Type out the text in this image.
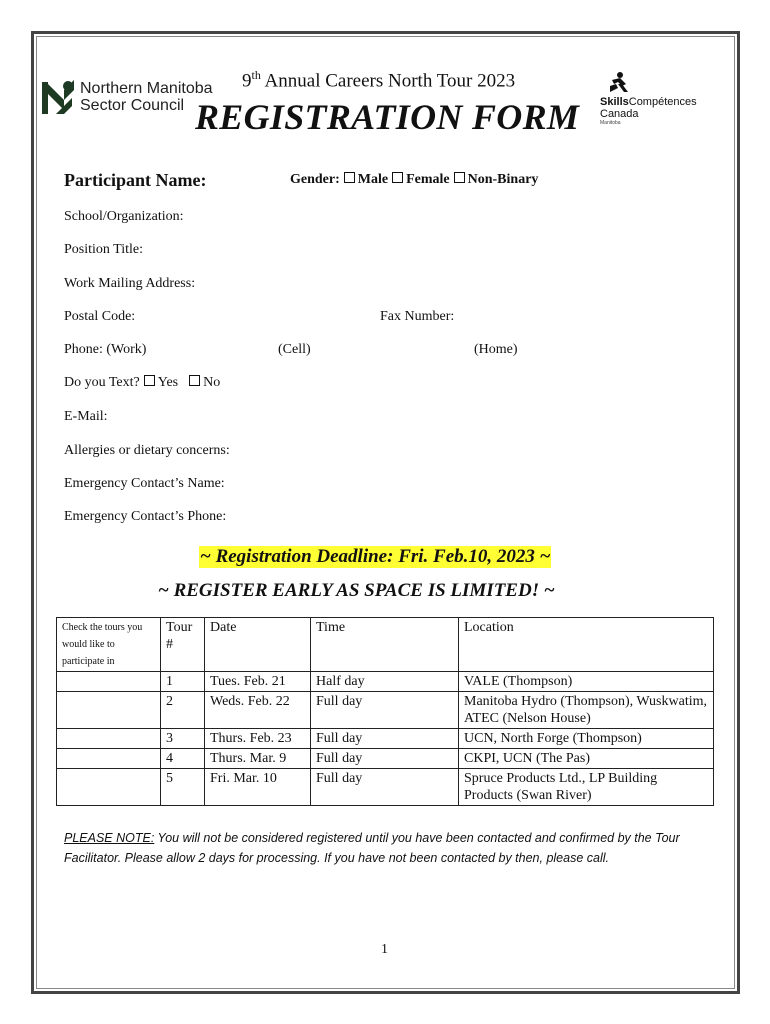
Northern Manitoba
Sector Council
9th Annual Careers North Tour 2023
REGISTRATION FORM SkillsCompétences
Canada
Manitoba
Participant Name:	Gender: Male Female Non-Binary
School/Organization:
Position Title:
Work Mailing Address:
Postal Code:	Fax Number:
Phone: (Work)	(Cell)	(Home)
Do you Text? Yes No
E-Mail:
Allergies or dietary concerns:
Emergency Contact’s Name:
Emergency Contact’s Phone:
~ Registration Deadline: Fri. Feb.10, 2023 ~
~ REGISTER EARLY AS SPACE IS LIMITED! ~
Check the tours you would like to participate in	Tour #	Date	Time	Location
	1	Tues. Feb. 21	Half day	VALE (Thompson)
	2	Weds. Feb. 22	Full day	Manitoba Hydro (Thompson), Wuskwatim, ATEC (Nelson House)
	3	Thurs. Feb. 23	Full day	UCN, North Forge (Thompson)
	4	Thurs. Mar. 9	Full day	CKPI, UCN (The Pas)
	5	Fri. Mar. 10	Full day	Spruce Products Ltd., LP Building Products (Swan River)
PLEASE NOTE: You will not be considered registered until you have been contacted and confirmed by the Tour Facilitator. Please allow 2 days for processing. If you have not been contacted by then, please call.
1
